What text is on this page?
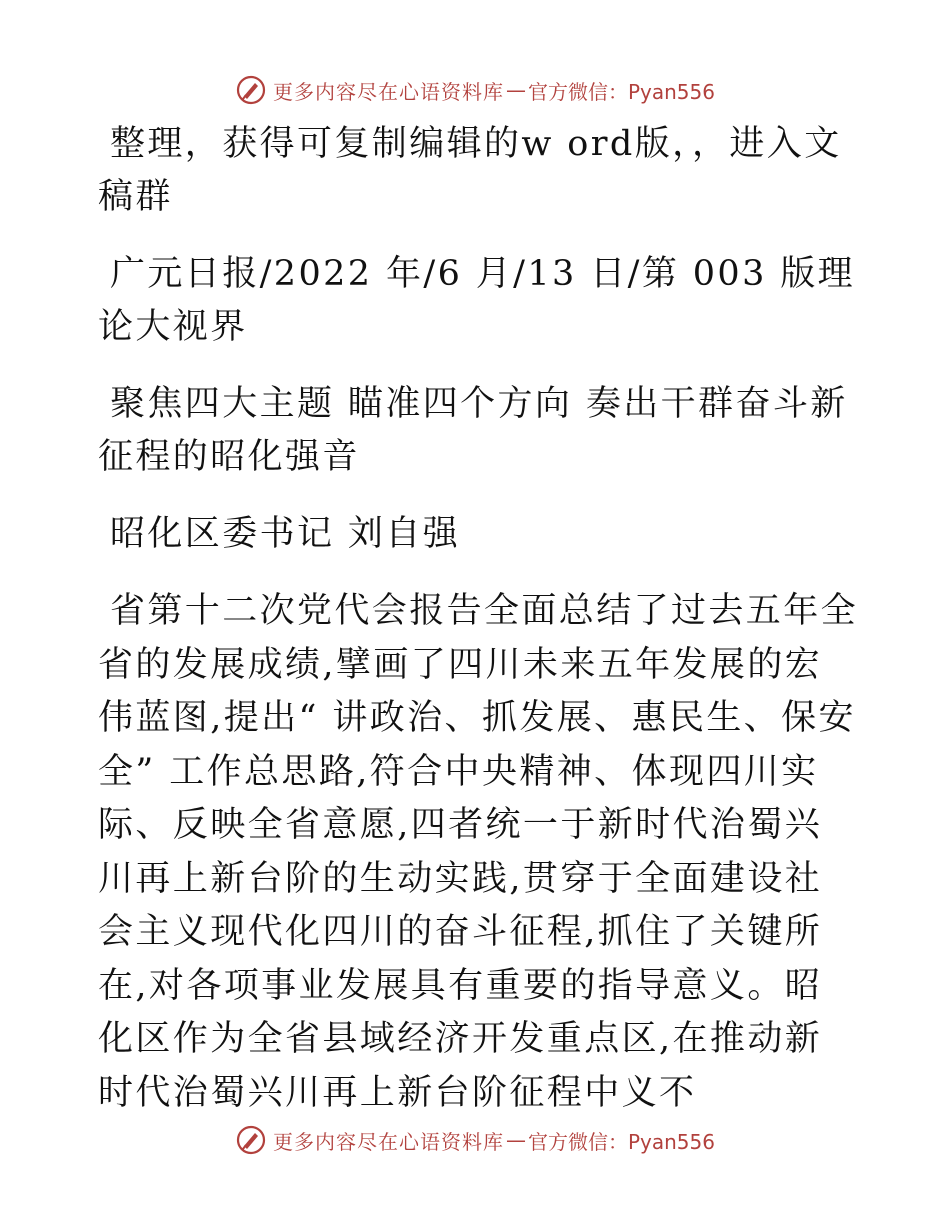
更多内容尽在心语资料库 — 官方微信：Pyan556

整理，获得可复制编辑的w ord版，，进入文稿群

广元日报/2022 年/6 月/13 日/第 003 版理论大视界

聚焦四大主题 瞄准四个方向 奏出干群奋斗新征程的昭化强音

昭化区委书记 刘自强

省第十二次党代会报告全面总结了过去五年全省的发展成绩,擘画了四川未来五年发展的宏伟蓝图,提出“ 讲政治、抓发展、惠民生、保安全” 工作总思路,符合中央精神、体现四川实际、反映全省意愿,四者统一于新时代治蜀兴川再上新台阶的生动实践,贯穿于全面建设社会主义现代化四川的奋斗征程,抓住了关键所在,对各项事业发展具有重要的指导意义。昭化区作为全省县域经济开发重点区,在推动新时代治蜀兴川再上新台阶征程中义不

更多内容尽在心语资料库 — 官方微信：Pyan556
